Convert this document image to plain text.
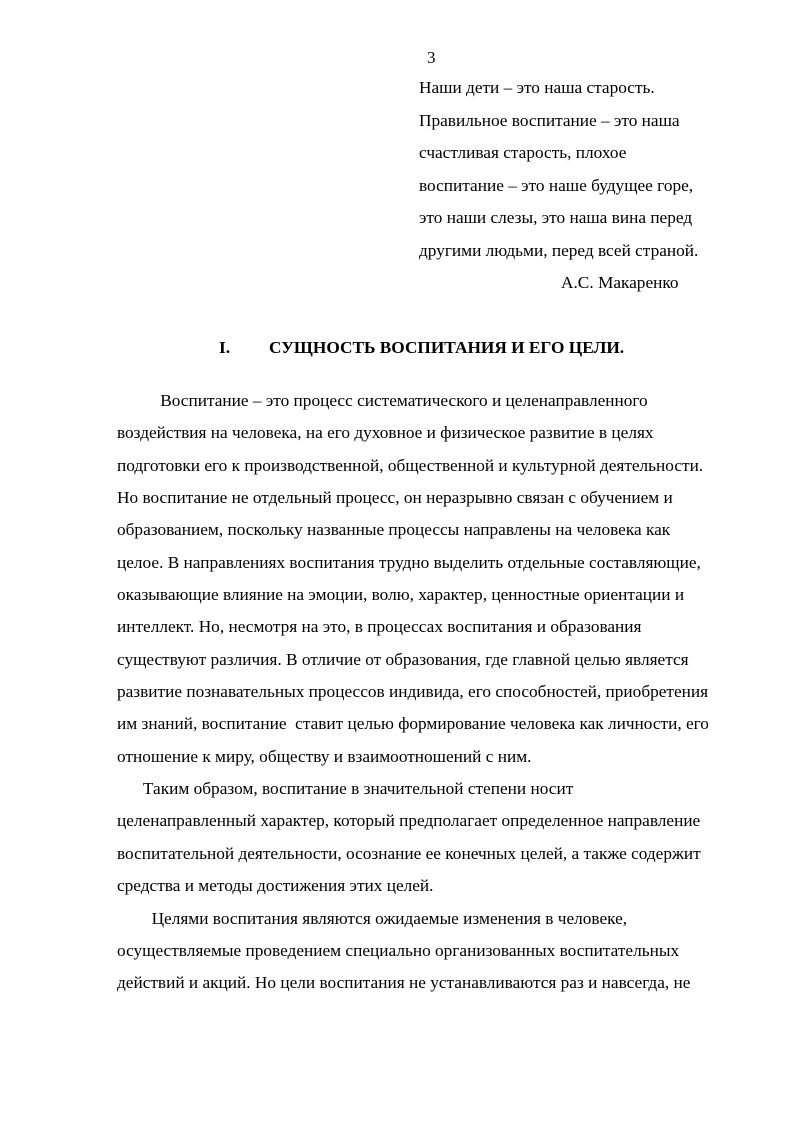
3
Наши дети – это наша старость.
Правильное воспитание – это наша
счастливая старость, плохое
воспитание – это наше будущее горе,
это наши слезы, это наша вина перед
другими людьми, перед всей страной.
А.С. Макаренко
I. СУЩНОСТЬ ВОСПИТАНИЯ И ЕГО ЦЕЛИ.
Воспитание – это процесс систематического и целенаправленного
воздействия на человека, на его духовное и физическое развитие в целях
подготовки его к производственной, общественной и культурной деятельности.
Но воспитание не отдельный процесс, он неразрывно связан с обучением и
образованием, поскольку названные процессы направлены на человека как
целое. В направлениях воспитания трудно выделить отдельные составляющие,
оказывающие влияние на эмоции, волю, характер, ценностные ориентации и
интеллект. Но, несмотря на это, в процессах воспитания и образования
существуют различия. В отличие от образования, где главной целью является
развитие познавательных процессов индивида, его способностей, приобретения
им знаний, воспитание  ставит целью формирование человека как личности, его
отношение к миру, обществу и взаимоотношений с ним.
Таким образом, воспитание в значительной степени носит
целенаправленный характер, который предполагает определенное направление
воспитательной деятельности, осознание ее конечных целей, а также содержит
средства и методы достижения этих целей.
Целями воспитания являются ожидаемые изменения в человеке,
осуществляемые проведением специально организованных воспитательных
действий и акций. Но цели воспитания не устанавливаются раз и навсегда, не
